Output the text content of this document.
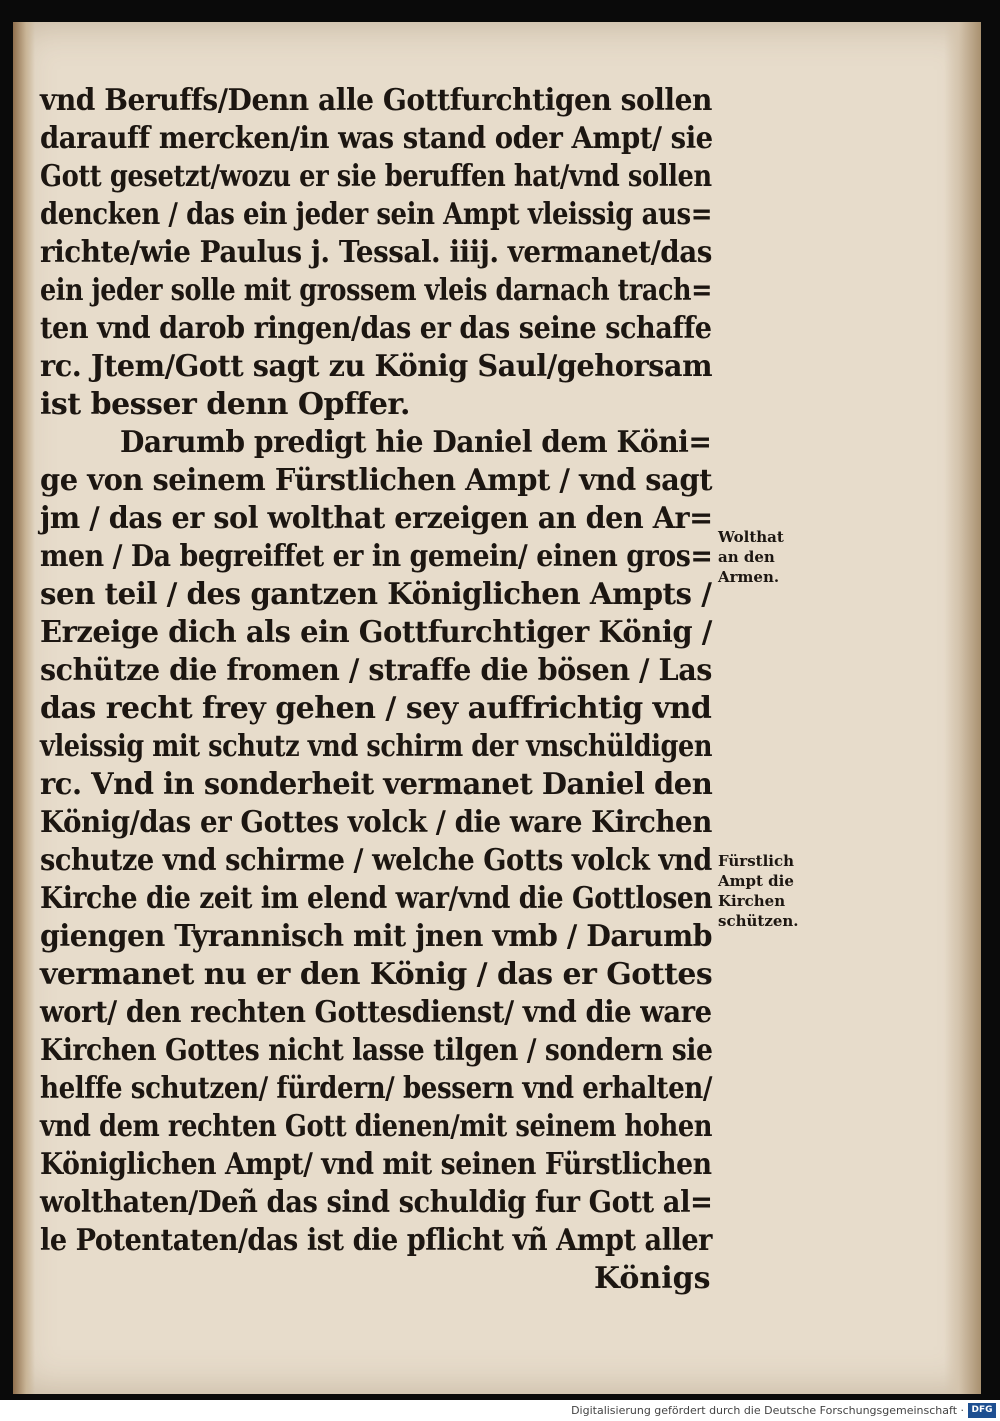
vnd Beruffs/Denn alle Gottfurchtigen sollen
darauff mercken/in was stand oder Ampt/ sie
Gott gesetzt/wozu er sie beruffen hat/vnd sollen
dencken / das ein jeder sein Ampt vleissig aus=
richte/wie Paulus j. Tessal. iiij. vermanet/das
ein jeder solle mit grossem vleis darnach trach=
ten vnd darob ringen/das er das seine schaffe
rc. Jtem/Gott sagt zu König Saul/gehorsam
ist besser denn Opffer.
Darumb predigt hie Daniel dem Köni=
ge von seinem Fürstlichen Ampt / vnd sagt
jm / das er sol wolthat erzeigen an den Ar=
men / Da begreiffet er in gemein/ einen gros=
sen teil / des gantzen Königlichen Ampts /
Erzeige dich als ein Gottfurchtiger König /
schütze die fromen / straffe die bösen / Las
das recht frey gehen / sey auffrichtig vnd
vleissig mit schutz vnd schirm der vnschüldigen
rc. Vnd in sonderheit vermanet Daniel den
König/das er Gottes volck / die ware Kirchen
schutze vnd schirme / welche Gotts volck vnd
Kirche die zeit im elend war/vnd die Gottlosen
giengen Tyrannisch mit jnen vmb / Darumb
vermanet nu er den König / das er Gottes
wort/ den rechten Gottesdienst/ vnd die ware
Kirchen Gottes nicht lasse tilgen / sondern sie
helffe schutzen/ fürdern/ bessern vnd erhalten/
vnd dem rechten Gott dienen/mit seinem hohen
Königlichen Ampt/ vnd mit seinen Fürstlichen
wolthaten/Deñ das sind schuldig fur Gott al=
le Potentaten/das ist die pflicht vñ Ampt aller
Königs
Wolthat
an den
Armen.
Fürstlich
Ampt die
Kirchen
schützen.
Digitalisierung gefördert durch die Deutsche Forschungsgemeinschaft · DFG
